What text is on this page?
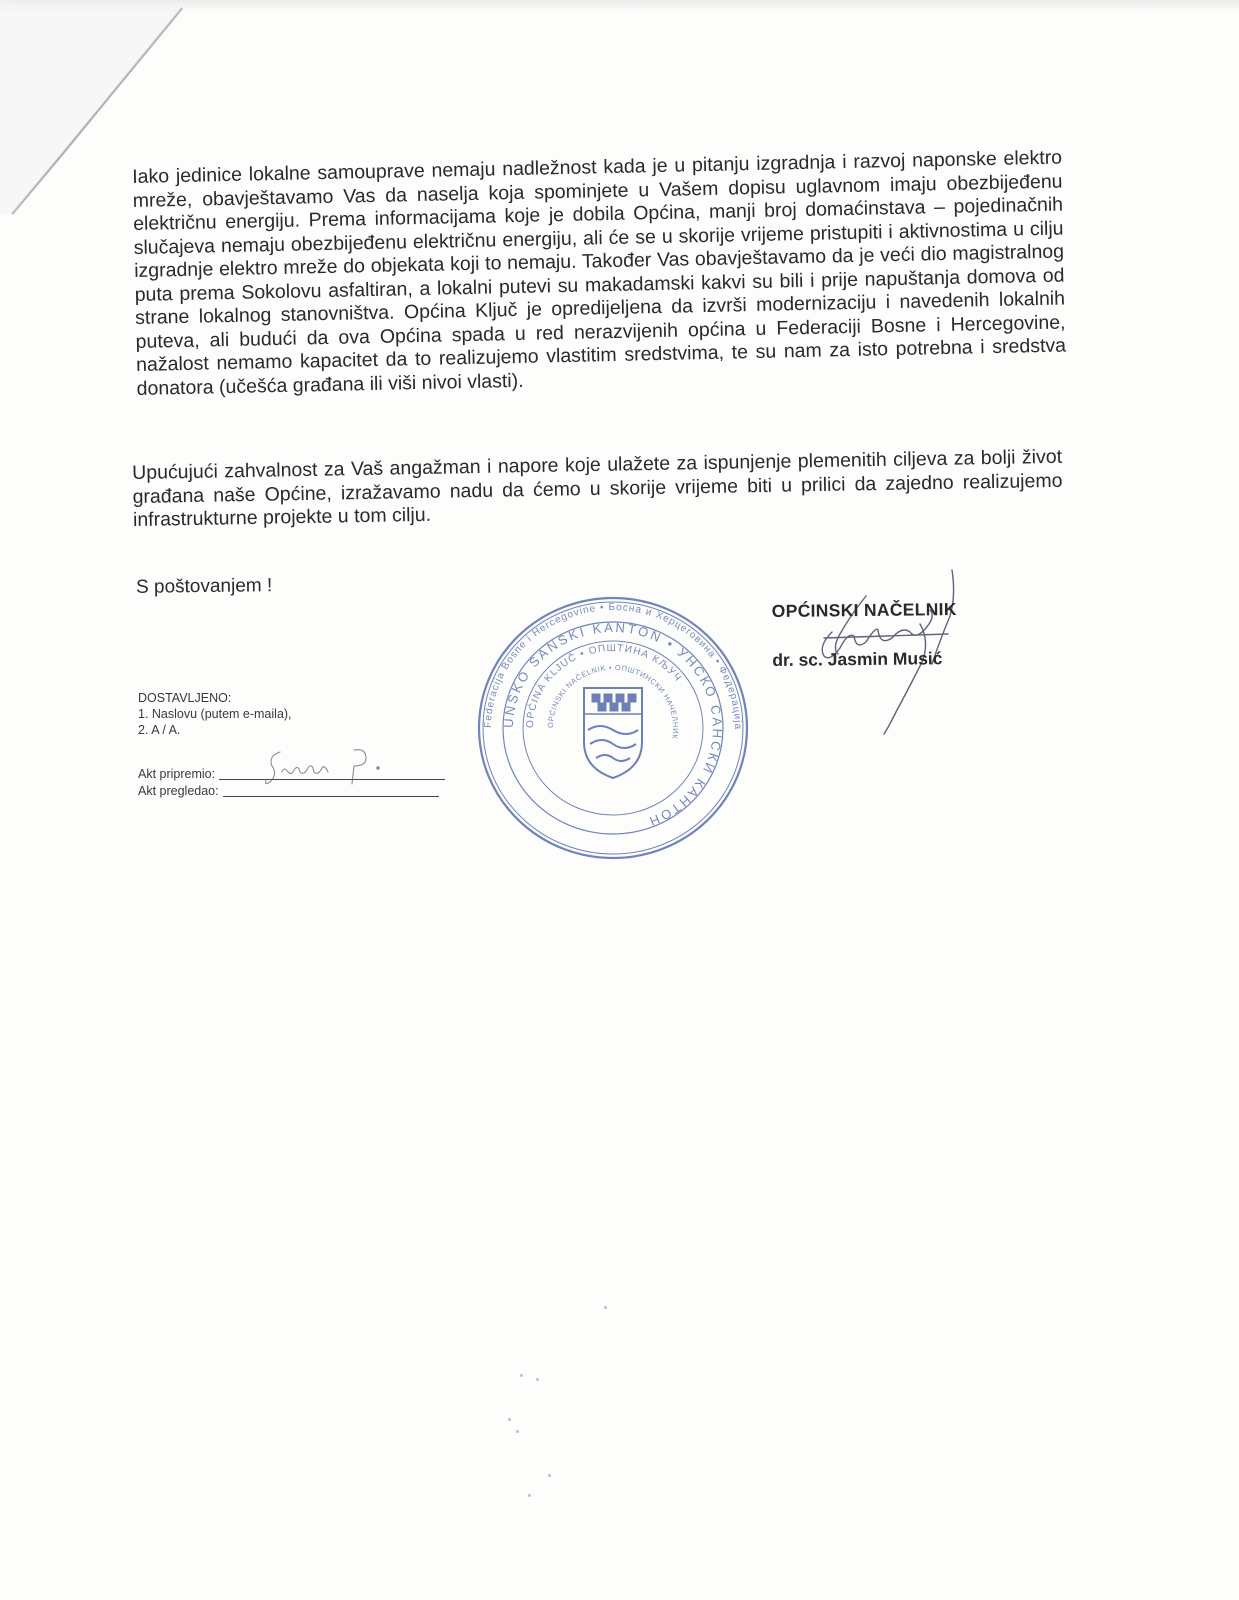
Iako jedinice lokalne samouprave nemaju nadležnost kada je u pitanju izgradnja i razvoj naponske elektro mreže, obavještavamo Vas da naselja koja spominjete u Vašem dopisu uglavnom imaju obezbijeđenu električnu energiju. Prema informacijama koje je dobila Općina, manji broj domaćinstava – pojedinačnih slučajeva nemaju obezbijeđenu električnu energiju, ali će se u skorije vrijeme pristupiti i aktivnostima u cilju izgradnje elektro mreže do objekata koji to nemaju. Također Vas obavještavamo da je veći dio magistralnog puta prema Sokolovu asfaltiran, a lokalni putevi su makadamski kakvi su bili i prije napuštanja domova od strane lokalnog stanovništva. Općina Ključ je opredijeljena da izvrši modernizaciju i navedenih lokalnih puteva, ali budući da ova Općina spada u red nerazvijenih općina u Federaciji Bosne i Hercegovine, nažalost nemamo kapacitet da to realizujemo vlastitim sredstvima, te su nam za isto potrebna i sredstva donatora (učešća građana ili viši nivoi vlasti).

Upućujući zahvalnost za Vaš angažman i napore koje ulažete za ispunjenje plemenitih ciljeva za bolji život građana naše Općine, izražavamo nadu da ćemo u skorije vrijeme biti u prilici da zajedno realizujemo infrastrukturne projekte u tom cilju.

S poštovanjem !

Federacija Bosne i Hercegovine • Босна и Херцеговина • Федерација
UNSKO SANSKI KANTON • УНСКО САНСКИ КАНТОН
OPĆINA KLJUČ • ОПШТИНА КЉУЧ
OPĆINSKI NAČELNIK • ОПШТИНСКИ НАЧЕЛНИК

OPĆINSKI NAČELNIK

dr. sc. Jasmin Musić

DOSTAVLJENO:

1. Naslovu (putem e-maila),

2. A / A.

Akt pripremio:
Akt pregledao:
